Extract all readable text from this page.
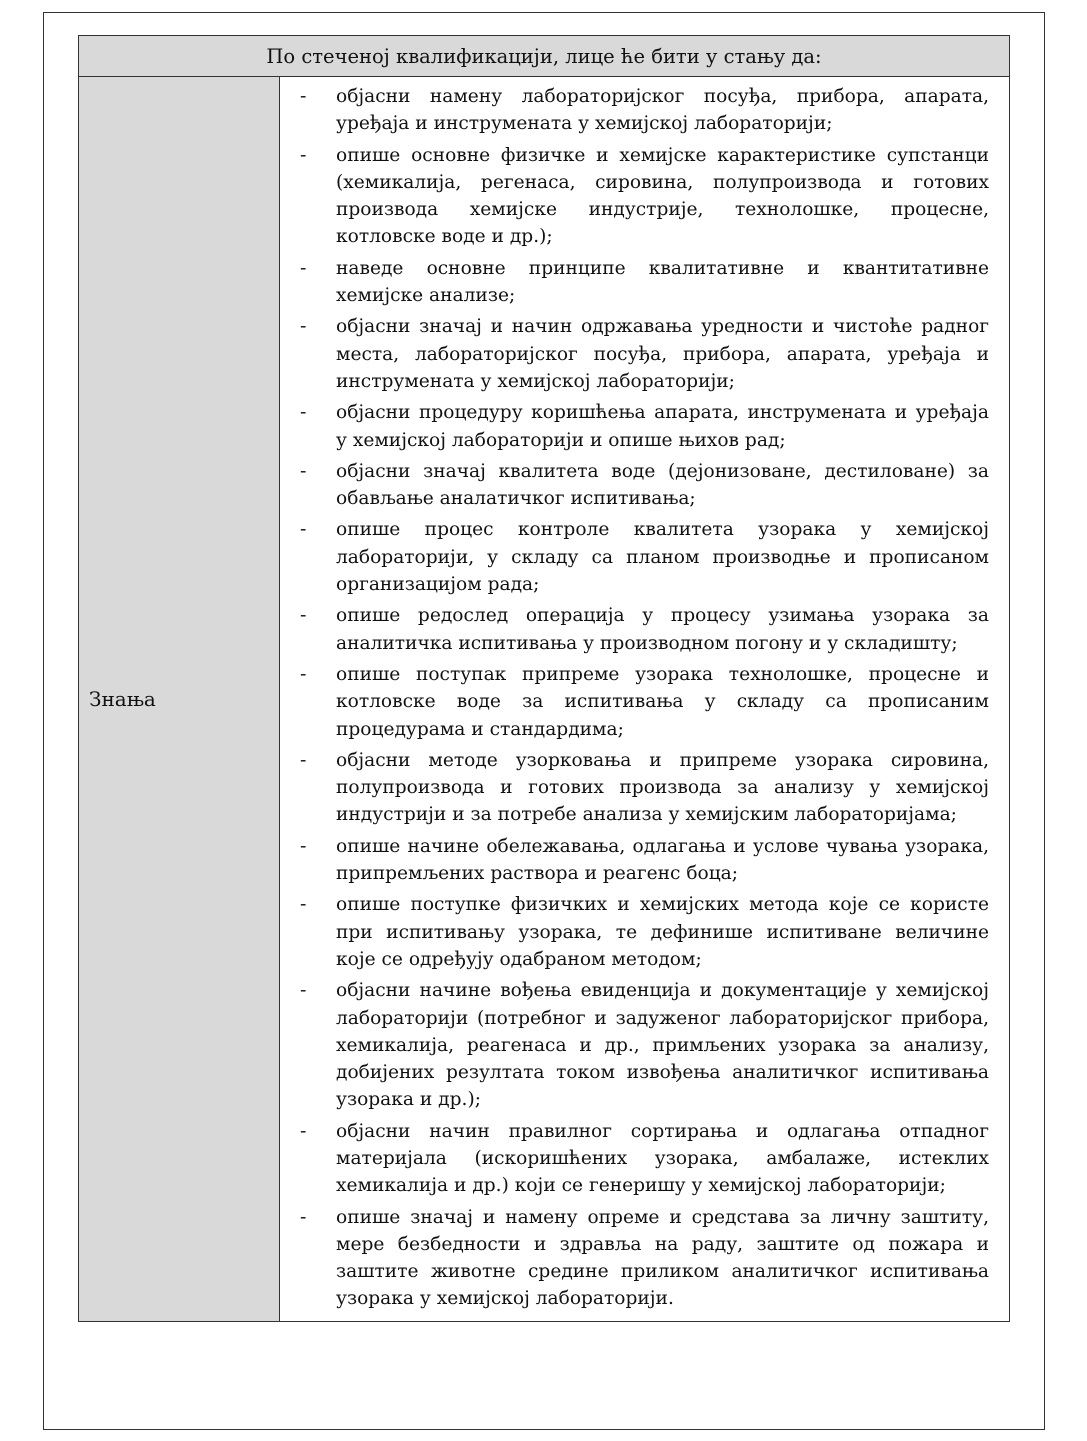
По стеченој квалификацији, лице ће бити у стању да:
Знања	
-	објасни намену лабораторијског посуђа, прибора, апарата, уређаја и инструмената у хемијској лабораторији;
-	опише основне физичке и хемијске карактеристике супстанци (хемикалија, регенаса, сировина, полупроизвода и готових производа хемијске индустрије, технолошке, процесне, котловске воде и др.);
-	наведе основне принципе квалитативне и квантитативне хемијске анализе;
-	објасни значај и начин одржавања уредности и чистоће радног места, лабораторијског посуђа, прибора, апарата, уређаја и инструмената у хемијској лабораторији;
-	објасни процедуру коришћења апарата, инструмената и уређаја у хемијској лабораторији и опише њихов рад;
-	објасни значај квалитета воде (дејонизоване, дестиловане) за обављање аналатичког испитивања;
-	опише процес контроле квалитета узорака у хемијској лабораторији, у складу са планом производње и прописаном организацијом рада;
-	опише редослед операција у процесу узимања узорака за аналитичка испитивања у производном погону и у складишту;
-	опише поступак припреме узорака технолошке, процесне и котловске воде за испитивања у складу са прописаним процедурама и стандардима;
-	објасни методе узорковања и припреме узорака сировина, полупроизвода и готових производа за анализу у хемијској индустрији и за потребе анализа у хемијским лабораторијама;
-	опише начине обележавања, одлагања и услове чувања узорака, припремљених раствора и реагенс боца;
-	опише поступке физичких и хемијских метода које се користе при испитивању узорака, те дефинише испитиване величине које се одређују одабраном методом;
-	објасни начине вођења евиденција и документације у хемијској лабораторији (потребног и задуженог лабораторијског прибора, хемикалија, реагенаса и др., примљених узорака за анализу, добијених резултата током извођења аналитичког испитивања узорака и др.);
-	објасни начин правилног сортирања и одлагања отпадног материјала (искоришћених узорака, амбалаже, истеклих хемикалија и др.) који се генеришу у хемијској лабораторији;
-	опише значај и намену опреме и средстава за личну заштиту, мере безбедности и здравља на раду, заштите од пожара и заштите животне средине приликом аналитичког испитивања узорака у хемијској лабораторији.
